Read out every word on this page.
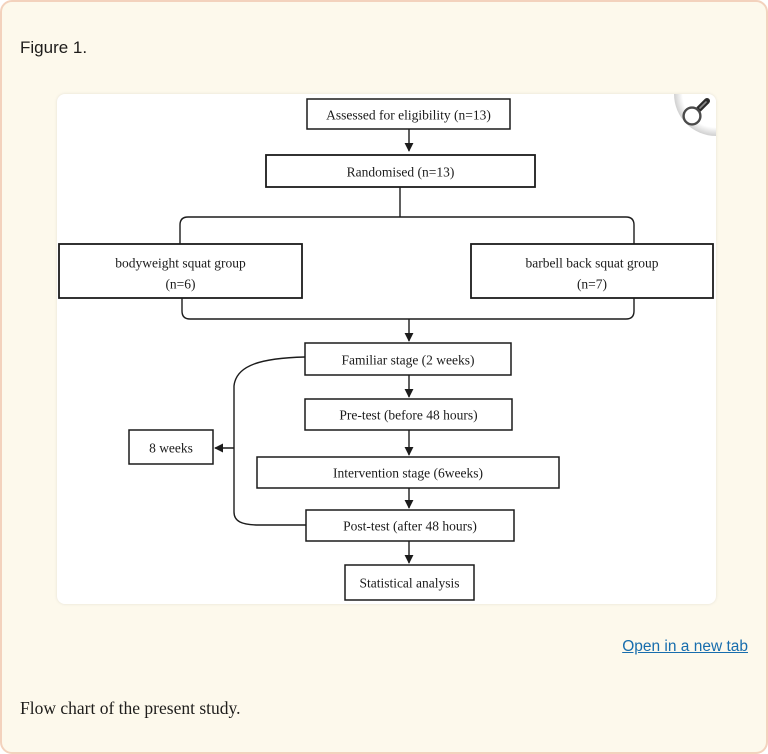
Figure 1.
Assessed for eligibility (n=13)
Randomised (n=13)
bodyweight squat group
(n=6)
barbell back squat group
(n=7)
Familiar stage (2 weeks)
Pre-test (before 48 hours)
8 weeks
Intervention stage (6weeks)
Post-test (after 48 hours)
Statistical analysis
Open in a new tab
Flow chart of the present study.
